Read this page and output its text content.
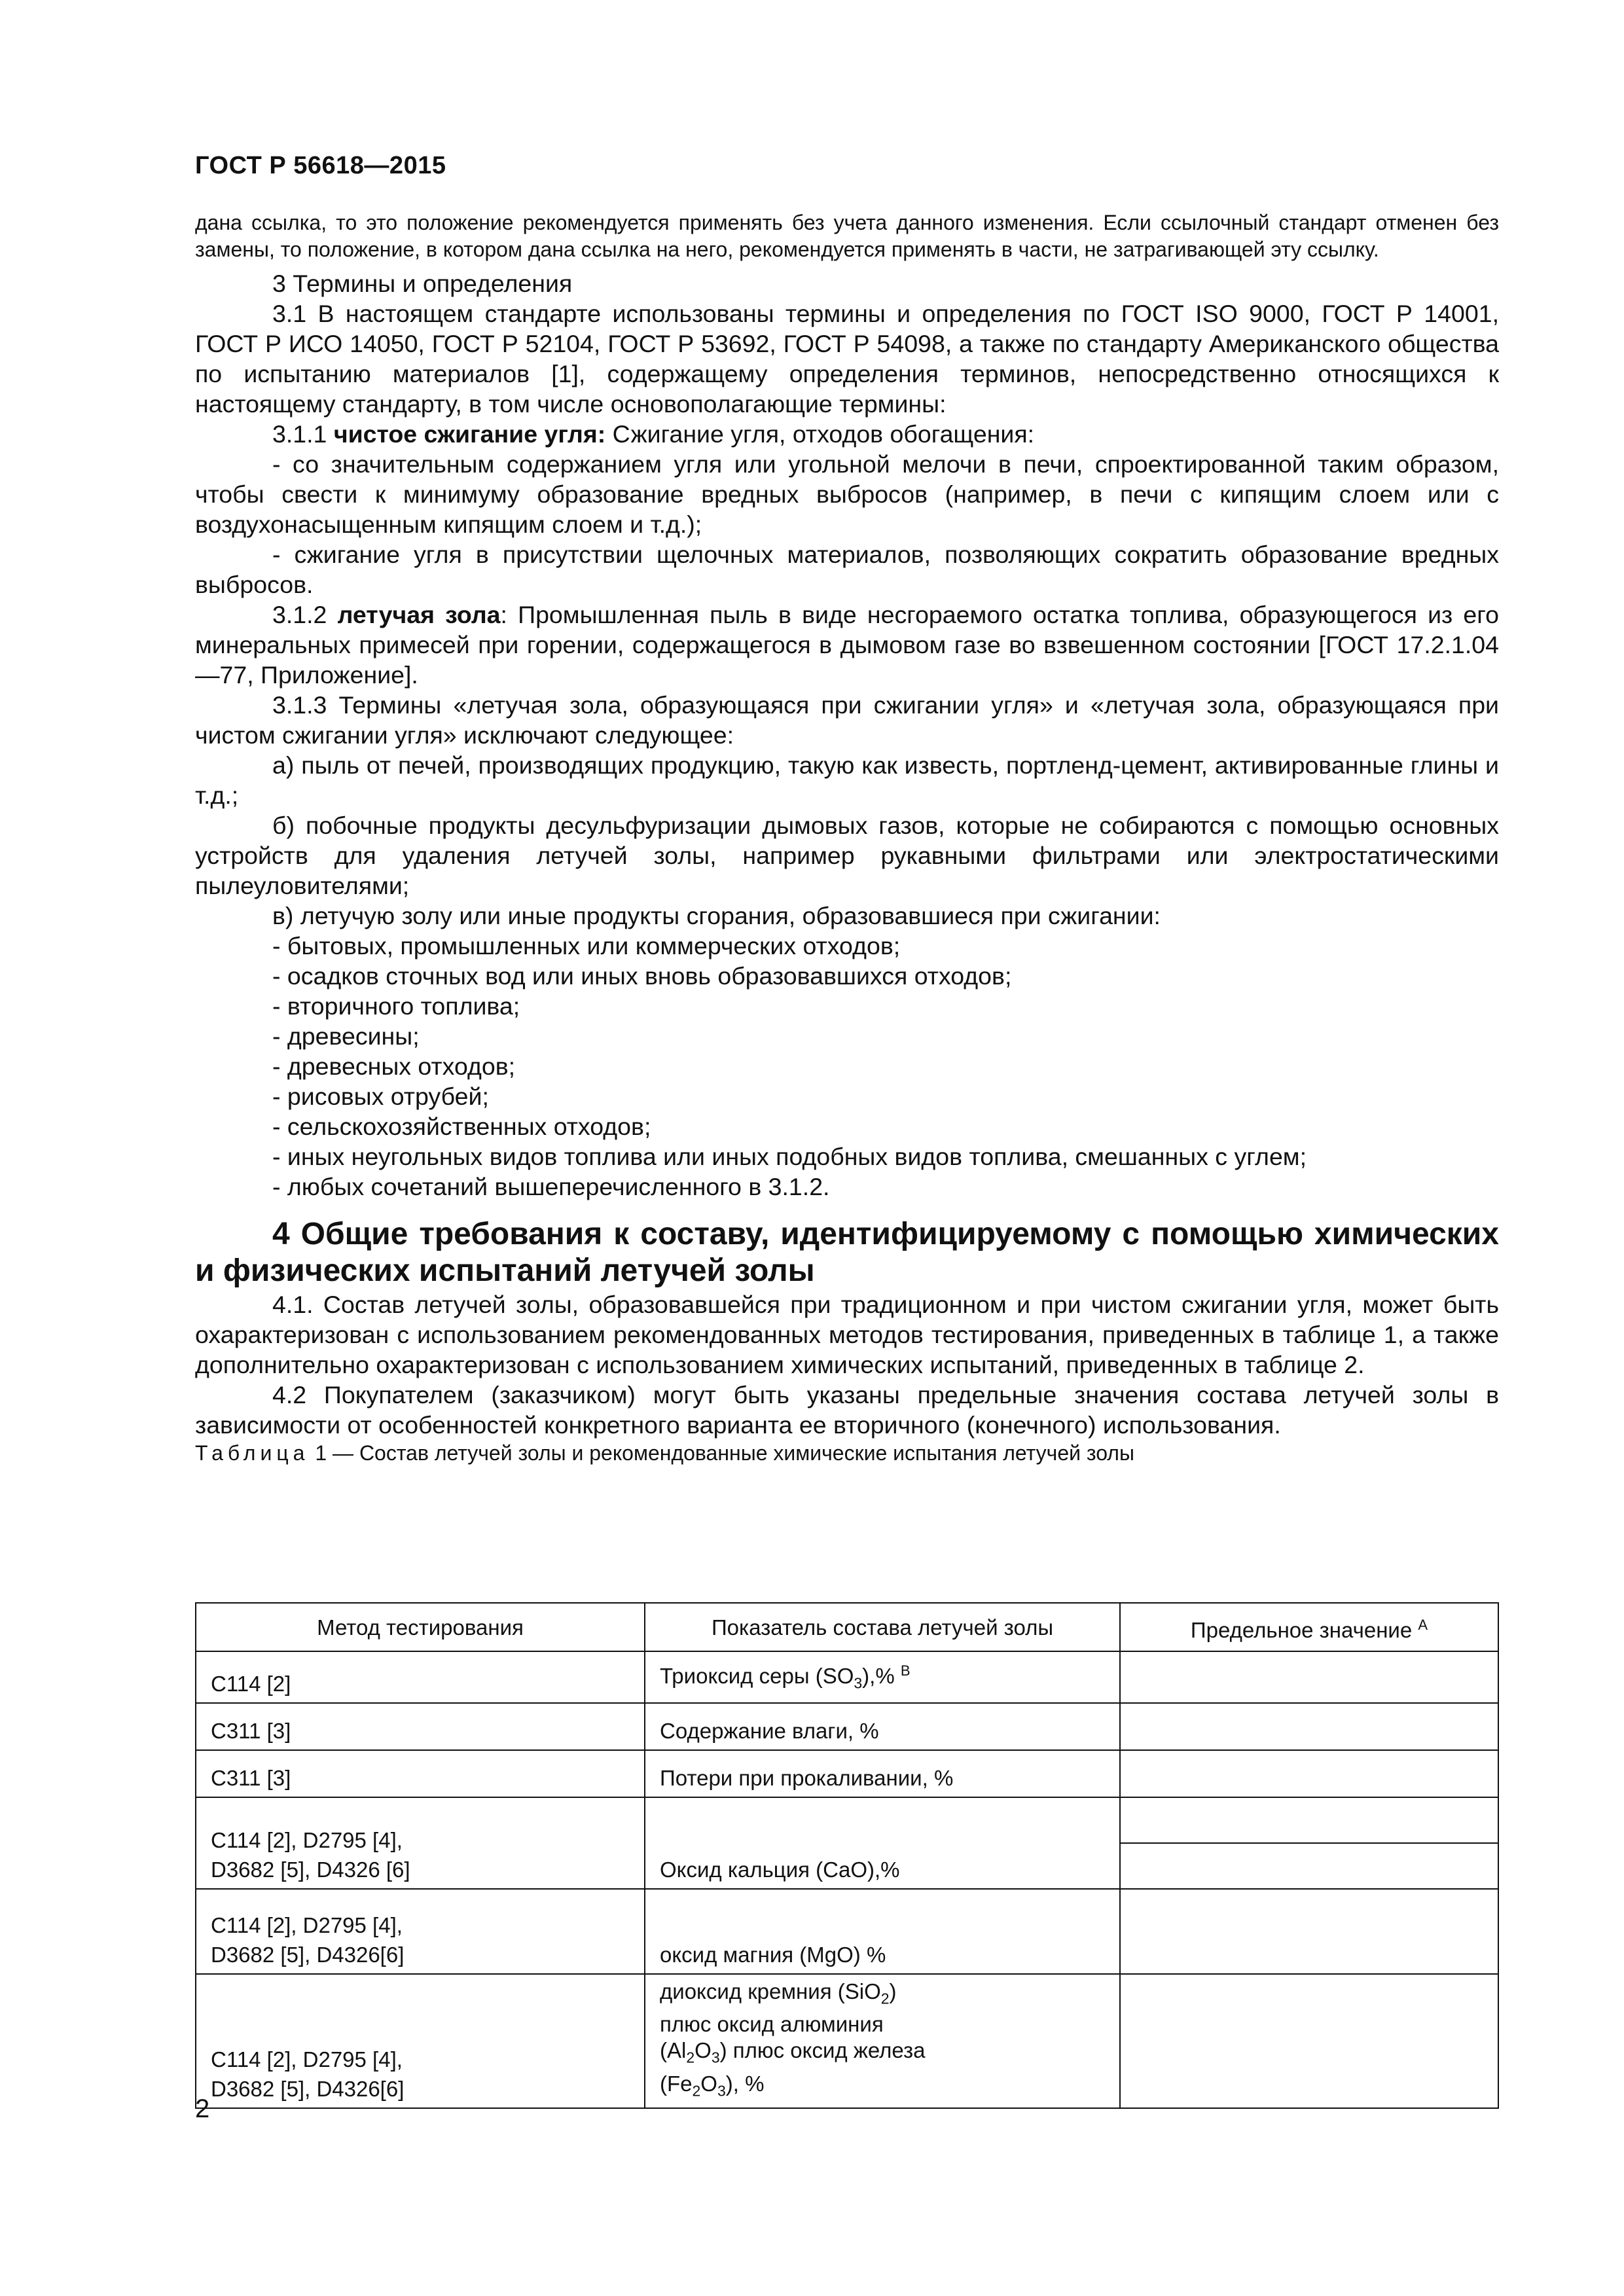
ГОСТ Р 56618—2015

дана ссылка, то это положение рекомендуется применять без учета данного изменения. Если ссылочный стандарт отменен без замены, то положение, в котором дана ссылка на него, рекомендуется применять в части, не затрагивающей эту ссылку.

3 Термины и определения

3.1 В настоящем стандарте использованы термины и определения по ГОСТ ISO 9000, ГОСТ Р 14001, ГОСТ Р ИСО 14050, ГОСТ Р 52104, ГОСТ Р 53692, ГОСТ Р 54098, а также по стандарту Американского общества по испытанию материалов [1], содержащему определения терминов, непосредственно относящихся к настоящему стандарту, в том числе основополагающие термины:

3.1.1 чистое сжигание угля: Сжигание угля, отходов обогащения:

- со значительным содержанием угля или угольной мелочи в печи, спроектированной таким образом, чтобы свести к минимуму образование вредных выбросов (например, в печи с кипящим слоем или с воздухонасыщенным кипящим слоем и т.д.);

- сжигание угля в присутствии щелочных материалов, позволяющих сократить образование вредных выбросов.

3.1.2 летучая зола: Промышленная пыль в виде несгораемого остатка топлива, образующегося из его минеральных примесей при горении, содержащегося в дымовом газе во взвешенном состоянии [ГОСТ 17.2.1.04—77, Приложение].

3.1.3 Термины «летучая зола, образующаяся при сжигании угля» и «летучая зола, образующаяся при чистом сжигании угля» исключают следующее:

а) пыль от печей, производящих продукцию, такую как известь, портленд-цемент, активированные глины и т.д.;

б) побочные продукты десульфуризации дымовых газов, которые не собираются с помощью основных устройств для удаления летучей золы, например рукавными фильтрами или электростатическими пылеуловителями;

в) летучую золу или иные продукты сгорания, образовавшиеся при сжигании:

- бытовых, промышленных или коммерческих отходов;

- осадков сточных вод или иных вновь образовавшихся отходов;

- вторичного топлива;

- древесины;

- древесных отходов;

- рисовых отрубей;

- сельскохозяйственных отходов;

- иных неугольных видов топлива или иных подобных видов топлива, смешанных с углем;

- любых сочетаний вышеперечисленного в 3.1.2.

4 Общие требования к составу, идентифицируемому с помощью химических и физических испытаний летучей золы

4.1. Состав летучей золы, образовавшейся при традиционном и при чистом сжигании угля, может быть охарактеризован с использованием рекомендованных методов тестирования, приведенных в таблице 1, а также дополнительно охарактеризован с использованием химических испытаний, приведенных в таблице 2.

4.2 Покупателем (заказчиком) могут быть указаны предельные значения состава летучей золы в зависимости от особенностей конкретного варианта ее вторичного (конечного) использования.

Таблица 1 — Состав летучей золы и рекомендованные химические испытания летучей золы

Метод тестирования	Показатель состава летучей золы	Предельное значение $^A$
С114 [2]	Триоксид серы $(SO_3),\%$ $^B$	
С311 [3]	Содержание влаги, %	
С311 [3]	Потери при прокаливании, %	
С114 [2], D2795 [4],
D3682 [5], D4326 [6]	Оксид кальция (CaO),%	

С114 [2], D2795 [4],
D3682 [5], D4326[6]	оксид магния (MgO) %	
С114 [2], D2795 [4],
D3682 [5], D4326[6]	диоксид кремния (SiO$_2$)
плюс оксид алюминия
$(Al_2O_3)$ плюс оксид железа
$(Fe_2O_3)$, %	
2
